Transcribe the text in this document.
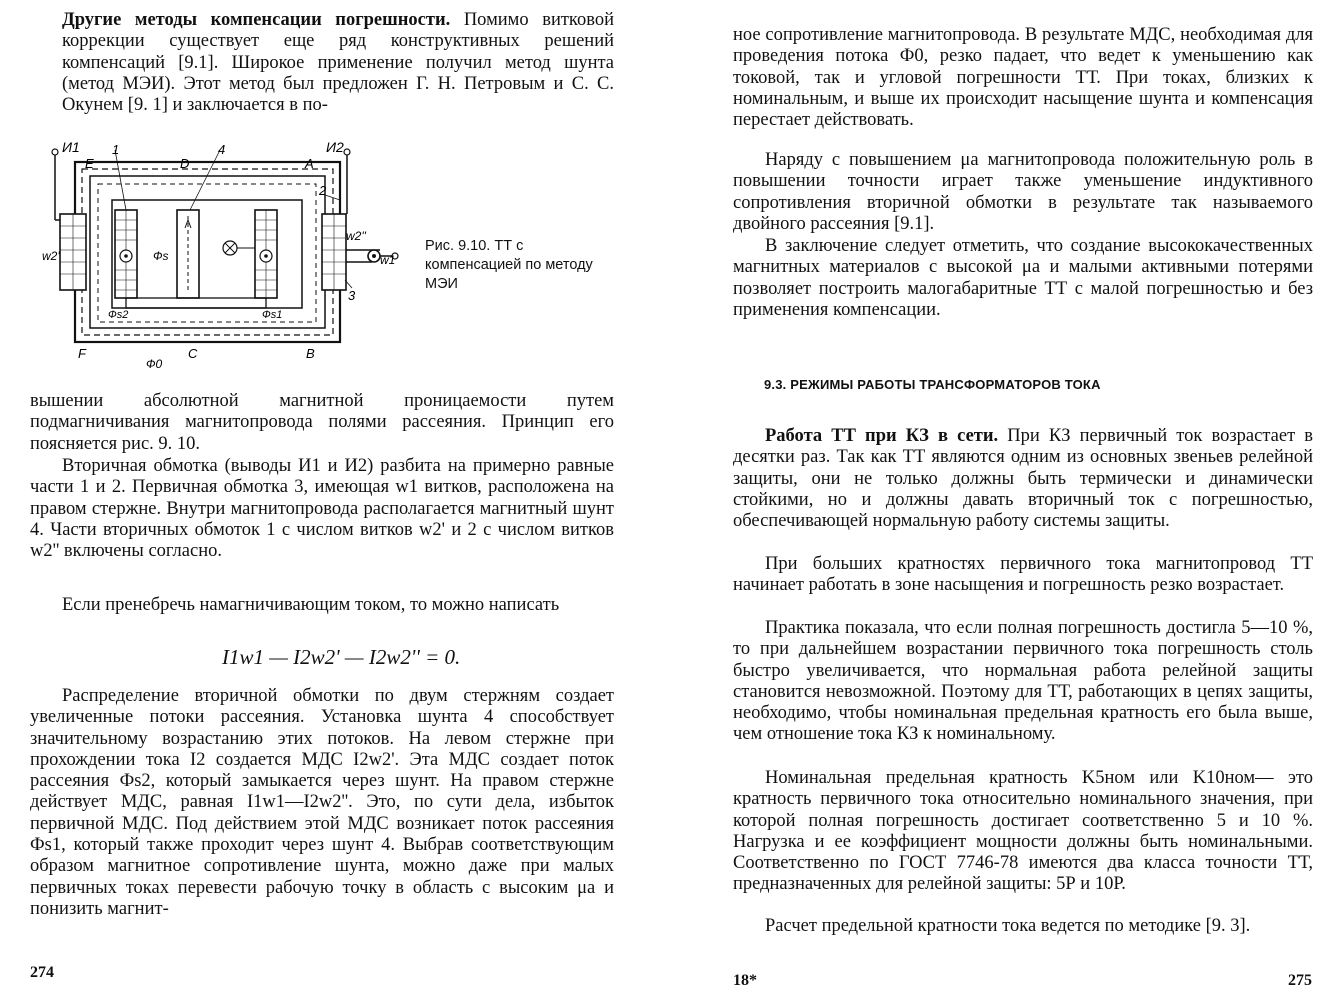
Другие методы компенсации погрешности. Помимо витковой коррекции существует еще ряд конструктивных решений компенсаций [9.1]. Широкое применение получил метод шунта (метод МЭИ). Этот метод был предложен Г. Н. Петровым и С. С. Окунем [9. 1] и заключается в по-

И1	И2
E	D	A
1	4
2
3
w2'
w2''
w1
Фs
Фs2	Фs1
Ф0
F	C	B
Рис. 9.10. ТТ с компенсацией по методу МЭИ

вышении абсолютной магнитной проницаемости путем подмагничивания магнитопровода полями рассеяния. Принцип его поясняется рис. 9. 10.

Вторичная обмотка (выводы И1 и И2) разбита на примерно равные части 1 и 2. Первичная обмотка 3, имеющая w1 витков, расположена на правом стержне. Внутри магнитопровода располагается магнитный шунт 4. Части вторичных обмоток 1 с числом витков w2' и 2 с числом витков w2'' включены согласно.

Если пренебречь намагничивающим током, то можно написать

I1w1 — I2w2' — I2w2'' = 0.

Распределение вторичной обмотки по двум стержням создает увеличенные потоки рассеяния. Установка шунта 4 способствует значительному возрастанию этих потоков. На левом стержне при прохождении тока I2 создается МДС I2w2'. Эта МДС создает поток рассеяния Фs2, который замыкается через шунт. На правом стержне действует МДС, равная I1w1—I2w2''. Это, по сути дела, избыток первичной МДС. Под действием этой МДС возникает поток рассеяния Фs1, который также проходит через шунт 4. Выбрав соответствующим образом магнитное сопротивление шунта, можно даже при малых первичных токах перевести рабочую точку в область с высоким μа и понизить магнит-

274

ное сопротивление магнитопровода. В результате МДС, необходимая для проведения потока Ф0, резко падает, что ведет к уменьшению как токовой, так и угловой погрешности ТТ. При токах, близких к номинальным, и выше их происходит насыщение шунта и компенсация перестает действовать.

Наряду с повышением μа магнитопровода положительную роль в повышении точности играет также уменьшение индуктивного сопротивления вторичной обмотки в результате так называемого двойного рассеяния [9.1].

В заключение следует отметить, что создание высококачественных магнитных материалов с высокой μа и малыми активными потерями позволяет построить малогабаритные ТТ с малой погрешностью и без применения компенсации.

9.3. РЕЖИМЫ РАБОТЫ ТРАНСФОРМАТОРОВ ТОКА

Работа ТТ при КЗ в сети. При КЗ первичный ток возрастает в десятки раз. Так как ТТ являются одним из основных звеньев релейной защиты, они не только должны быть термически и динамически стойкими, но и должны давать вторичный ток с погрешностью, обеспечивающей нормальную работу системы защиты.

При больших кратностях первичного тока магнитопровод ТТ начинает работать в зоне насыщения и погрешность резко возрастает.

Практика показала, что если полная погрешность достигла 5—10 %, то при дальнейшем возрастании первичного тока погрешность столь быстро увеличивается, что нормальная работа релейной защиты становится невозможной. Поэтому для ТТ, работающих в цепях защиты, необходимо, чтобы номинальная предельная кратность его была выше, чем отношение тока КЗ к номинальному.

Номинальная предельная кратность K5ном или K10ном— это кратность первичного тока относительно номинального значения, при которой полная погрешность достигает соответственно 5 и 10 %. Нагрузка и ее коэффициент мощности должны быть номинальными. Соответственно по ГОСТ 7746-78 имеются два класса точности ТТ, предназначенных для релейной защиты: 5Р и 10Р.

Расчет предельной кратности тока ведется по методике [9. 3].

18*	275
